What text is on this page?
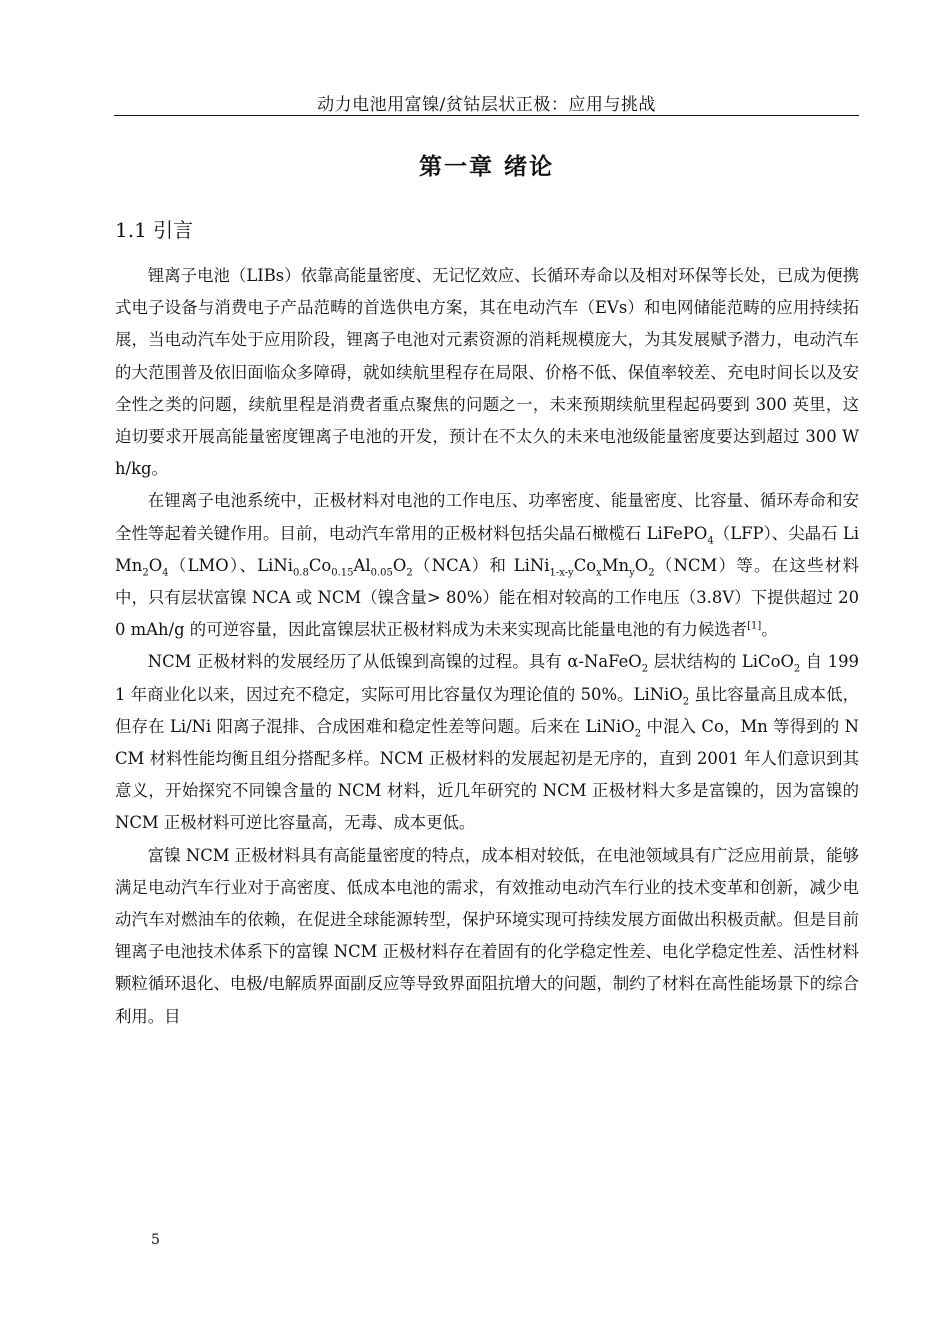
动力电池用富镍/贫钴层状正极：应用与挑战
第一章 绪论
1.1 引言

锂离子电池（LIBs）依靠高能量密度、无记忆效应、长循环寿命以及相对环保等长处，已成为便携式电子设备与消费电子产品范畴的首选供电方案，其在电动汽车（EVs）和电网储能范畴的应用持续拓展，当电动汽车处于应用阶段，锂离子电池对元素资源的消耗规模庞大，为其发展赋予潜力，电动汽车的大范围普及依旧面临众多障碍，就如续航里程存在局限、价格不低、保值率较差、充电时间长以及安全性之类的问题，续航里程是消费者重点聚焦的问题之一，未来预期续航里程起码要到 300 英里，这迫切要求开展高能量密度锂离子电池的开发，预计在不太久的未来电池级能量密度要达到超过 300 Wh/kg。

在锂离子电池系统中，正极材料对电池的工作电压、功率密度、能量密度、比容量、循环寿命和安全性等起着关键作用。目前，电动汽车常用的正极材料包括尖晶石橄榄石 LiFePO$_4$（LFP）、尖晶石 $LiMn_2O_4(LMO)$、$LiNi_{0.8}Co_{0.15}Al_{0.05}O_2(NCA)$和 $LiNi_{1-x-y}Co_xMn_yO_2(NCM)$等。在这些材料中，只有层状富镍 NCA 或 NCM（镍含量> 80%）能在相对较高的工作电压（3.8V）下提供超过 200 mAh/g 的可逆容量，因此富镍层状正极材料成为未来实现高比能量电池的有力候选者[1]。

NCM 正极材料的发展经历了从低镍到高镍的过程。具有 α-NaFeO$_2$ 层状结构的 LiCoO$_2$ 自 1991 年商业化以来，因过充不稳定，实际可用比容量仅为理论值的 50%。LiNiO$_2$ 虽比容量高且成本低，但存在 Li/Ni 阳离子混排、合成困难和稳定性差等问题。后来在 LiNiO$_2$ 中混入 Co，Mn 等得到的 NCM 材料性能均衡且组分搭配多样。NCM 正极材料的发展起初是无序的，直到 2001 年人们意识到其意义，开始探究不同镍含量的 NCM 材料，近几年研究的 NCM 正极材料大多是富镍的，因为富镍的 NCM 正极材料可逆比容量高，无毒、成本更低。

富镍 NCM 正极材料具有高能量密度的特点，成本相对较低，在电池领域具有广泛应用前景，能够满足电动汽车行业对于高密度、低成本电池的需求，有效推动电动汽车行业的技术变革和创新，减少电动汽车对燃油车的依赖，在促进全球能源转型，保护环境实现可持续发展方面做出积极贡献。但是目前锂离子电池技术体系下的富镍 NCM 正极材料存在着固有的化学稳定性差、电化学稳定性差、活性材料颗粒循环退化、电极/电解质界面副反应等导致界面阻抗增大的问题，制约了材料在高性能场景下的综合利用。目

5
